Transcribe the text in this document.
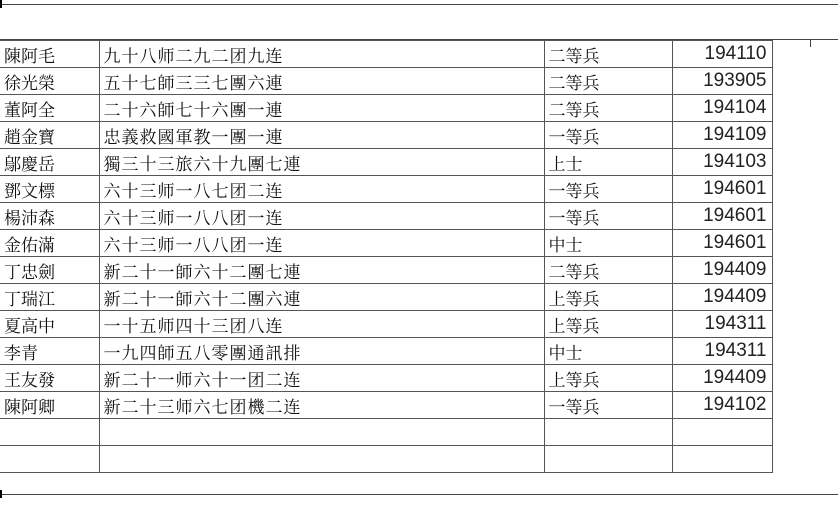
陳阿毛	九十八师二九二团九连	二等兵	194110
徐光榮	五十七師三三七團六連	二等兵	193905
董阿全	二十六師七十六團一連	二等兵	194104
趙金寶	忠義救國軍教一團一連	一等兵	194109
鄔慶岳	獨三十三旅六十九團七連	上士	194103
鄧文標	六十三师一八七团二连	一等兵	194601
楊沛森	六十三师一八八团一连	一等兵	194601
金佑滿	六十三师一八八团一连	中士	194601
丁忠劍	新二十一師六十二團七連	二等兵	194409
丁瑞江	新二十一師六十二團六連	上等兵	194409
夏高中	一十五师四十三团八连	上等兵	194311
李青	一九四師五八零團通訊排	中士	194311
王友發	新二十一师六十一团二连	上等兵	194409
陳阿卿	新二十三师六七团機二连	一等兵	194102
